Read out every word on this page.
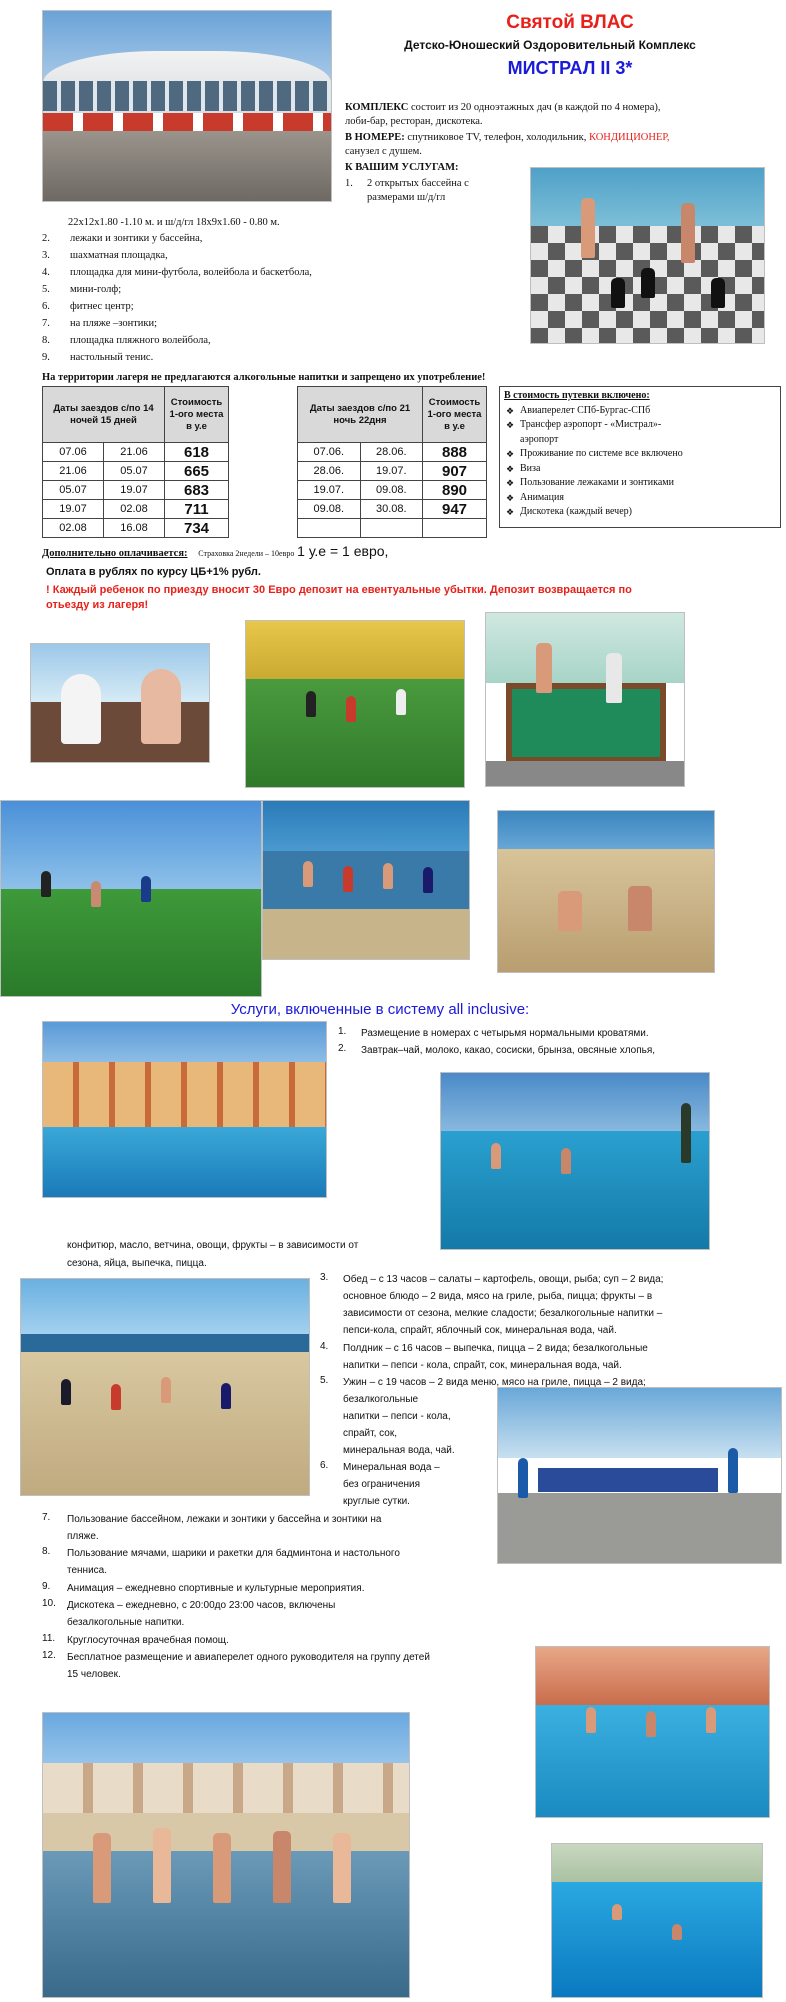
Святой ВЛАС
Детско-Юношеский Оздоровительный Комплекс
МИСТРАЛ II 3*
КОМПЛЕКС состоит из 20 одноэтажных дач (в каждой по 4 номера),
лоби-бар, ресторан, дискотека.
В НОМЕРЕ: спутниковое TV, телефон, холодильник, КОНДИЦИОНЕР,
санузел с душем.
К ВАШИМ УСЛУГАМ:
1. 2 открытых бассейна с
размерами ш/д/гл
22х12х1.80 -1.10 м. и ш/д/гл 18х9х1.60 - 0.80 м.
2. лежаки и зонтики у бассейна,
3. шахматная площадка,
4. площадка для мини-футбола, волейбола и баскетбола,
5. мини-голф;
6. фитнес центр;
7. на пляже –зонтики;
8. площадка пляжного волейбола,
9. настольный тенис.
На территории лагеря не предлагаются алкогольные напитки и запрещено их употребление!
Даты заездов с/по 14 ночей 15 дней		Стоимость 1-ого места в у.е
07.06	21.06	618
21.06	05.07	665
05.07	19.07	683
19.07	02.08	711
02.08	16.08	734
Даты заездов с/по 21 ночь 22дня		Стоимость 1-ого места в у.е
07.06.	28.06.	888
28.06.	19.07.	907
19.07.	09.08.	890
09.08.	30.08.	947

В стоимость путевки включено:
❖ Авиаперелет СПб-Бургас-СПб
❖ Трансфер аэропорт - «Мистрал»-
аэропорт
❖ Проживание по системе все включено
❖ Виза
❖ Пользование лежаками и зонтиками
❖ Анимация
❖ Дискотека (каждый вечер)
Дополнительно оплачивается: Страховка 2недели – 10евро 1 у.е = 1 евро,
Оплата в рублях по курсу ЦБ+1% рубл.
! Каждый ребенок по приезду вносит 30 Евро депозит на евентуальные убытки. Депозит возвращается по
отьезду из лагеря!
Услуги, включенные в систему all inclusive:
1. Размещение в номерах с четырьмя нормальными кроватями.
2. Завтрак–чай, молоко, какао, сосиски, брынза, овсяные хлопья,
конфитюр, масло, ветчина, овощи, фрукты – в зависимости от
сезона, яйца, выпечка, пицца.
3. Обед – с 13 часов – салаты – картофель, овощи, рыба; суп – 2 вида;
основное блюдо – 2 вида, мясо на гриле, рыба, пицца; фрукты – в
зависимости от сезона, мелкие сладости; безалкогольные напитки –
пепси-кола, спрайт, яблочный сок, минеральная вода, чай.
4. Полдник – с 16 часов – выпечка, пицца – 2 вида; безалкогольные
напитки – пепси - кола, спрайт, сок, минеральная вода, чай.
5. Ужин – с 19 часов – 2 вида меню, мясо на гриле, пицца – 2 вида;
безалкогольные
напитки – пепси - кола,
спрайт, сок,
минеральная вода, чай.
6. Минеральная вода –
без ограничения
круглые сутки.
7. Пользование бассейном, лежаки и зонтики у бассейна и зонтики на
пляже.
8. Пользование мячами, шарики и ракетки для бадминтона и настольного
тенниса.
9. Анимация – ежедневно спортивные и культурные мероприятия.
10. Дискотека – ежедневно, с 20:00до 23:00 часов, включены
безалкогольные напитки.
11. Круглосуточная врачебная помощ.
12. Бесплатное размещение и авиаперелет одного руководителя на группу детей
15 человек.
